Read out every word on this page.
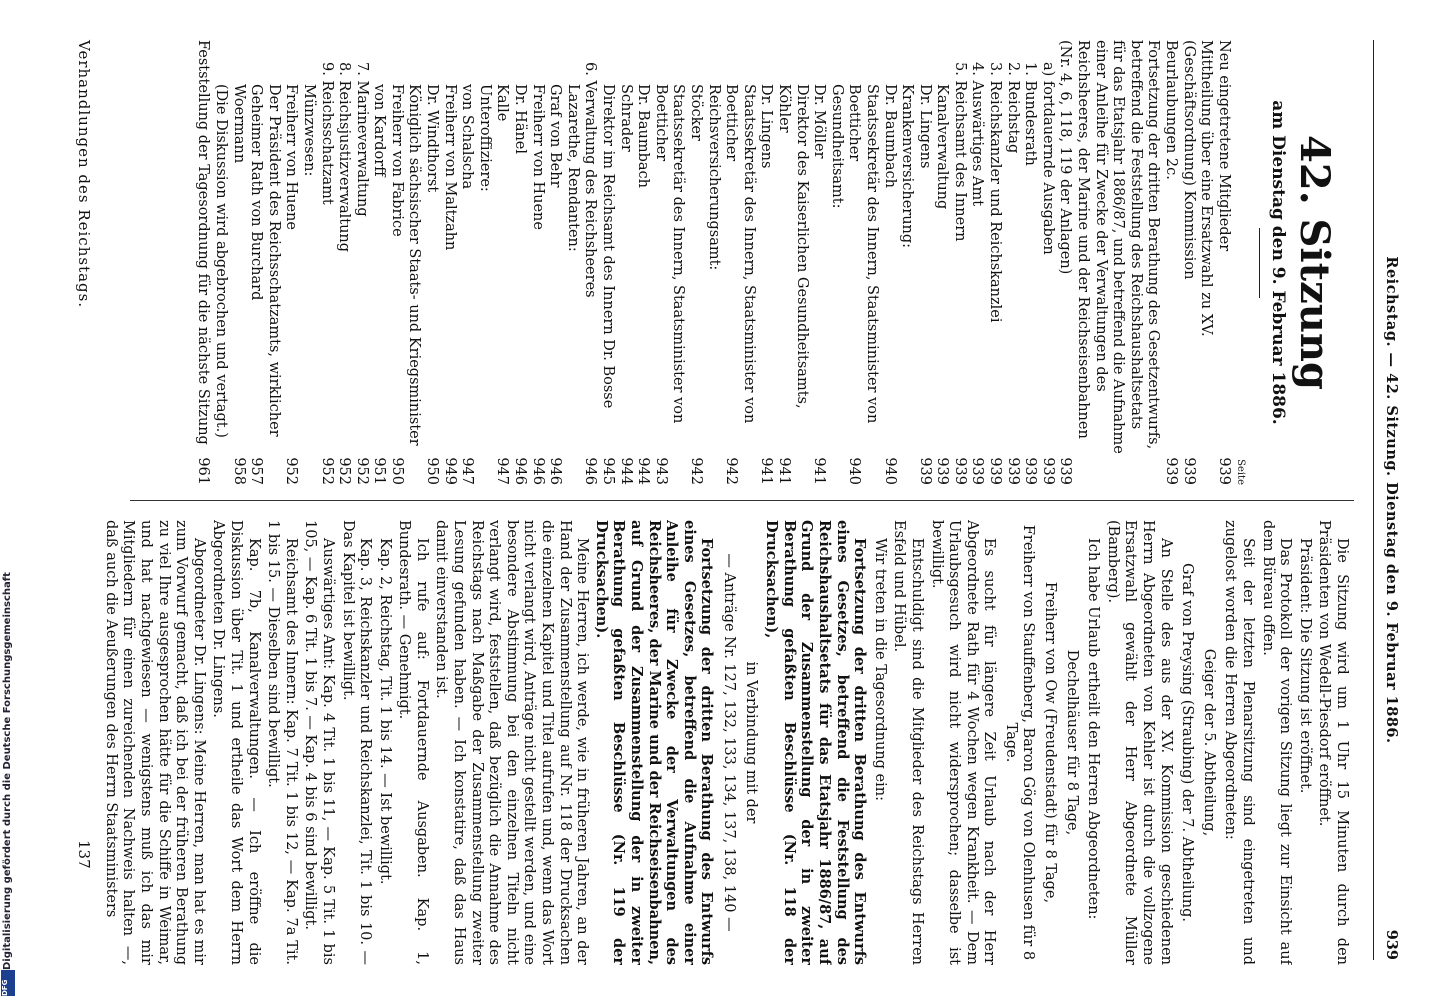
Digitalisierung gefördert durch die Deutsche Forschungsgemeinschaft
DFG
Reichstag. — 42. Sitzung. Dienstag den 9. Februar 1886.
939
42. Sitzung
am Dienstag den 9. Februar 1886.
Seite
Neu eingetretene Mitglieder
939
Mittheilung über eine Ersatzwahl zu XV. (Geschäftsordnung) Kommission
939
Beurlaubungen 2c.
939
Fortsetzung der dritten Berathung des Gesetzentwurfs, betreffend die Feststellung des Reichshaushaltsetats für das Etatsjahr 1886/87, und betreffend die Aufnahme einer Anleihe für Zwecke der Verwaltungen des Reichsheeres, der Marine und der Reichseisenbahnen (Nr. 4, 6, 118, 119 der Anlagen)
939
a) fortdauernde Ausgaben
939
1. Bundesrath
939
2. Reichstag
939
3. Reichskanzler und Reichskanzlei
939
4. Auswärtiges Amt
939
5. Reichsamt des Innern
939
Kanalverwaltung
939
Dr. Lingens
939
Krankenversicherung:
Dr. Baumbach
940
Staatssekretär des Innern, Staatsminister von Boetticher
940
Gesundheitsamt:
Dr. Möller
941
Direktor des Kaiserlichen Gesundheitsamts, Köhler
941
Dr. Lingens
941
Staatssekretär des Innern, Staatsminister von Boetticher
942
Reichsversicherungsamt:
Stöcker
942
Staatssekretär des Innern, Staatsminister von Boetticher
943
Dr. Baumbach
944
Schrader
944
Direktor im Reichsamt des Innern Dr. Bosse
945
6. Verwaltung des Reichsheeres
946
Lazarethe, Rendanten:
Graf von Behr
946
Freiherr von Huene
946
Dr. Hänel
946
Kalle
947
Unteroffiziere:
von Schalscha
947
Freiherr von Maltzahn
949
Dr. Windthorst
950
Königlich sächsischer Staats- und Kriegsminister Freiherr von Fabrice
950
von Kardorff
951
7. Marineverwaltung
952
8. Reichsjustizverwaltung
952
9. Reichsschatzamt
952
Münzwesen:
Freiherr von Huene
952
Der Präsident des Reichsschatzamts, wirklicher Geheimer Rath von Burchard
957
Woermann
958
(Die Diskussion wird abgebrochen und vertagt.)
Feststellung der Tagesordnung für die nächste Sitzung
961

Die Sitzung wird um 1 Uhr 15 Minuten durch den Präsidenten von Wedell-Piesdorf eröffnet.

Präsident: Die Sitzung ist eröffnet.

Das Protokoll der vorigen Sitzung liegt zur Einsicht auf dem Büreau offen.

Seit der letzten Plenarsitzung sind eingetreten und zugelost worden die Herren Abgeordneten:

Geiger der 5. Abtheilung,

Graf von Preysing (Straubing) der 7. Abtheilung.

An Stelle des aus der XV. Kommission geschiedenen Herrn Abgeordneten von Kehler ist durch die vollzogene Ersatzwahl gewählt der Herr Abgeordnete Müller (Bamberg).

Ich habe Urlaub ertheilt den Herren Abgeordneten:

Dechelhäuser für 8 Tage,

Freiherr von Ow (Freudenstadt) für 8 Tage,

Freiherr von Stauffenberg, Baron Gög von Olenhusen für 8 Tage.

Es sucht für längere Zeit Urlaub nach der Herr Abgeordnete Rath für 4 Wochen wegen Krankheit. — Dem Urlaubsgesuch wird nicht widersprochen; dasselbe ist bewilligt.

Entschuldigt sind die Mitglieder des Reichstags Herren Esfeld und Hübel.

Wir treten in die Tagesordnung ein:

Fortsetzung der dritten Berathung des Entwurfs eines Gesetzes, betreffend die Feststellung des Reichshaushaltsetats für das Etatsjahr 1886/87, auf Grund der Zusammenstellung der in zweiter Berathung gefaßten Beschlüsse (Nr. 118 der Drucksachen),

in Verbindung mit der

— Anträge Nr. 127, 132, 133, 134, 137, 138, 140 —

Fortsetzung der dritten Berathung des Entwurfs eines Gesetzes, betreffend die Aufnahme einer Anleihe für Zwecke der Verwaltungen des Reichsheeres, der Marine und der Reichseisenbahnen, auf Grund der Zusammenstellung der in zweiter Berathung gefaßten Beschlüsse (Nr. 119 der Drucksachen).

Meine Herren, ich werde, wie in früheren Jahren, an der Hand der Zusammenstellung auf Nr. 118 der Drucksachen die einzelnen Kapitel und Titel aufrufen und, wenn das Wort nicht verlangt wird, Anträge nicht gestellt werden, und eine besondere Abstimmung bei den einzelnen Titeln nicht verlangt wird, feststellen, daß bezüglich die Annahme des Reichstags nach Maßgabe der Zusammenstellung zweiter Lesung gefunden haben. — Ich konstatire, daß das Haus damit einverstanden ist.

Ich rufe auf: Fortdauernde Ausgaben. Kap. 1, Bundesrath. — Genehmigt.

Kap. 2, Reichstag, Tit. 1 bis 14. — Ist bewilligt.

Kap. 3, Reichskanzler und Reichskanzlei, Tit. 1 bis 10. — Das Kapitel ist bewilligt.

Auswärtiges Amt: Kap. 4 Tit. 1 bis 11, — Kap. 5 Tit. 1 bis 105, — Kap. 6 Tit. 1 bis 7. — Kap. 4 bis 6 sind bewilligt.

Reichsamt des Innern: Kap. 7 Tit. 1 bis 12, — Kap. 7a Tit. 1 bis 15. — Dieselben sind bewilligt.

Kap. 7b, Kanalverwaltungen. — Ich eröffne die Diskussion über Tit. 1 und ertheile das Wort dem Herrn Abgeordneten Dr. Lingens.

Abgeordneter Dr. Lingens: Meine Herren, man hat es mir zum Vorwurf gemacht, daß ich bei der früheren Berathung zu viel Ihre ausgesprochen hätte für die Schiffe in Weimar, und hat nachgewiesen — wenigstens muß ich das mir Mitgliedern für einen zureichenden Nachweis halten —, daß auch die Aeußerungen des Herrn Staatsministers

Verhandlungen des Reichstags.
137
